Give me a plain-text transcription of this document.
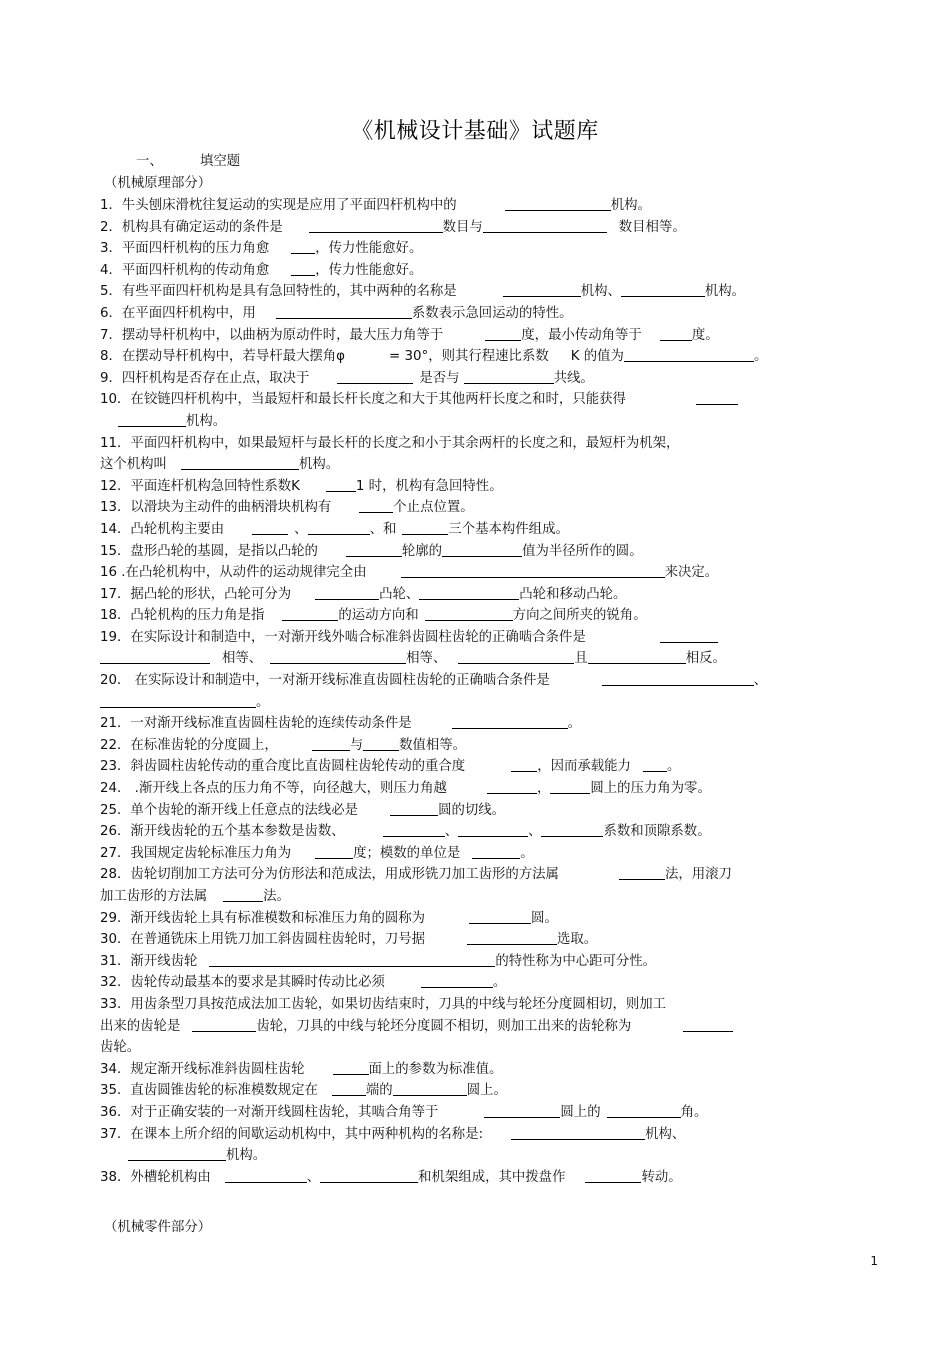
《机械设计基础》试题库
一、	填空题
（机械原理部分）
1．牛头刨床滑枕往复运动的实现是应用了平面四杆机构中的	机构。
2．机构具有确定运动的条件是	数目与	数目相等。
3．平面四杆机构的压力角愈	，传力性能愈好。
4．平面四杆机构的传动角愈	，传力性能愈好。
5．有些平面四杆机构是具有急回特性的，其中两种的名称是	机构、	机构。
6．在平面四杆机构中，用	系数表示急回运动的特性。
7．摆动导杆机构中，以曲柄为原动件时，最大压力角等于	度，最小传动角等于	度。
8．在摆动导杆机构中，若导杆最大摆角φ	= 30°，则其行程速比系数 K 的值为	。
9．四杆机构是否存在止点，取决于	是否与	共线。
10．在铰链四杆机构中，当最短杆和最长杆长度之和大于其他两杆长度之和时，只能获得
机构。
11．平面四杆机构中，如果最短杆与最长杆的长度之和小于其余两杆的长度之和，最短杆为机架，
这个机构叫	机构。
12．平面连杆机构急回特性系数K	1 时，机构有急回特性。
13．以滑块为主动件的曲柄滑块机构有	个止点位置。
14．凸轮机构主要由	、	、和	三个基本构件组成。
15．盘形凸轮的基圆，是指以凸轮的	轮廓的	值为半径所作的圆。
16 .在凸轮机构中，从动件的运动规律完全由	来决定。
17．据凸轮的形状，凸轮可分为	凸轮、	凸轮和移动凸轮。
18．凸轮机构的压力角是指	的运动方向和	方向之间所夹的锐角。
19．在实际设计和制造中，一对渐开线外啮合标准斜齿圆柱齿轮的正确啮合条件是
相等、	相等、	且	相反。
20． 在实际设计和制造中，一对渐开线标准直齿圆柱齿轮的正确啮合条件是	、
。
21．一对渐开线标准直齿圆柱齿轮的连续传动条件是	。
22．在标准齿轮的分度圆上，	与	数值相等。
23．斜齿圆柱齿轮传动的重合度比直齿圆柱齿轮传动的重合度	，因而承载能力	。
24． .渐开线上各点的压力角不等，向径越大，则压力角越	，	圆上的压力角为零。
25．单个齿轮的渐开线上任意点的法线必是	圆的切线。
26．渐开线齿轮的五个基本参数是齿数、	、	、	系数和顶隙系数。
27．我国规定齿轮标准压力角为	度；模数的单位是	。
28．齿轮切削加工方法可分为仿形法和范成法，用成形铣刀加工齿形的方法属	法，用滚刀
加工齿形的方法属	法。
29．渐开线齿轮上具有标准模数和标准压力角的圆称为	圆。
30．在普通铣床上用铣刀加工斜齿圆柱齿轮时，刀号据	选取。
31．渐开线齿轮	的特性称为中心距可分性。
32．齿轮传动最基本的要求是其瞬时传动比必须	。
33．用齿条型刀具按范成法加工齿轮，如果切齿结束时，刀具的中线与轮坯分度圆相切，则加工
出来的齿轮是	齿轮，刀具的中线与轮坯分度圆不相切，则加工出来的齿轮称为
齿轮。
34．规定渐开线标准斜齿圆柱齿轮	面上的参数为标准值。
35．直齿圆锥齿轮的标准模数规定在	端的	圆上。
36．对于正确安装的一对渐开线圆柱齿轮，其啮合角等于	圆上的	角。
37．在课本上所介绍的间歇运动机构中，其中两种机构的名称是:	机构、
机构。
38．外槽轮机构由	、	和机架组成，其中拨盘作	转动。
（机械零件部分）
1
